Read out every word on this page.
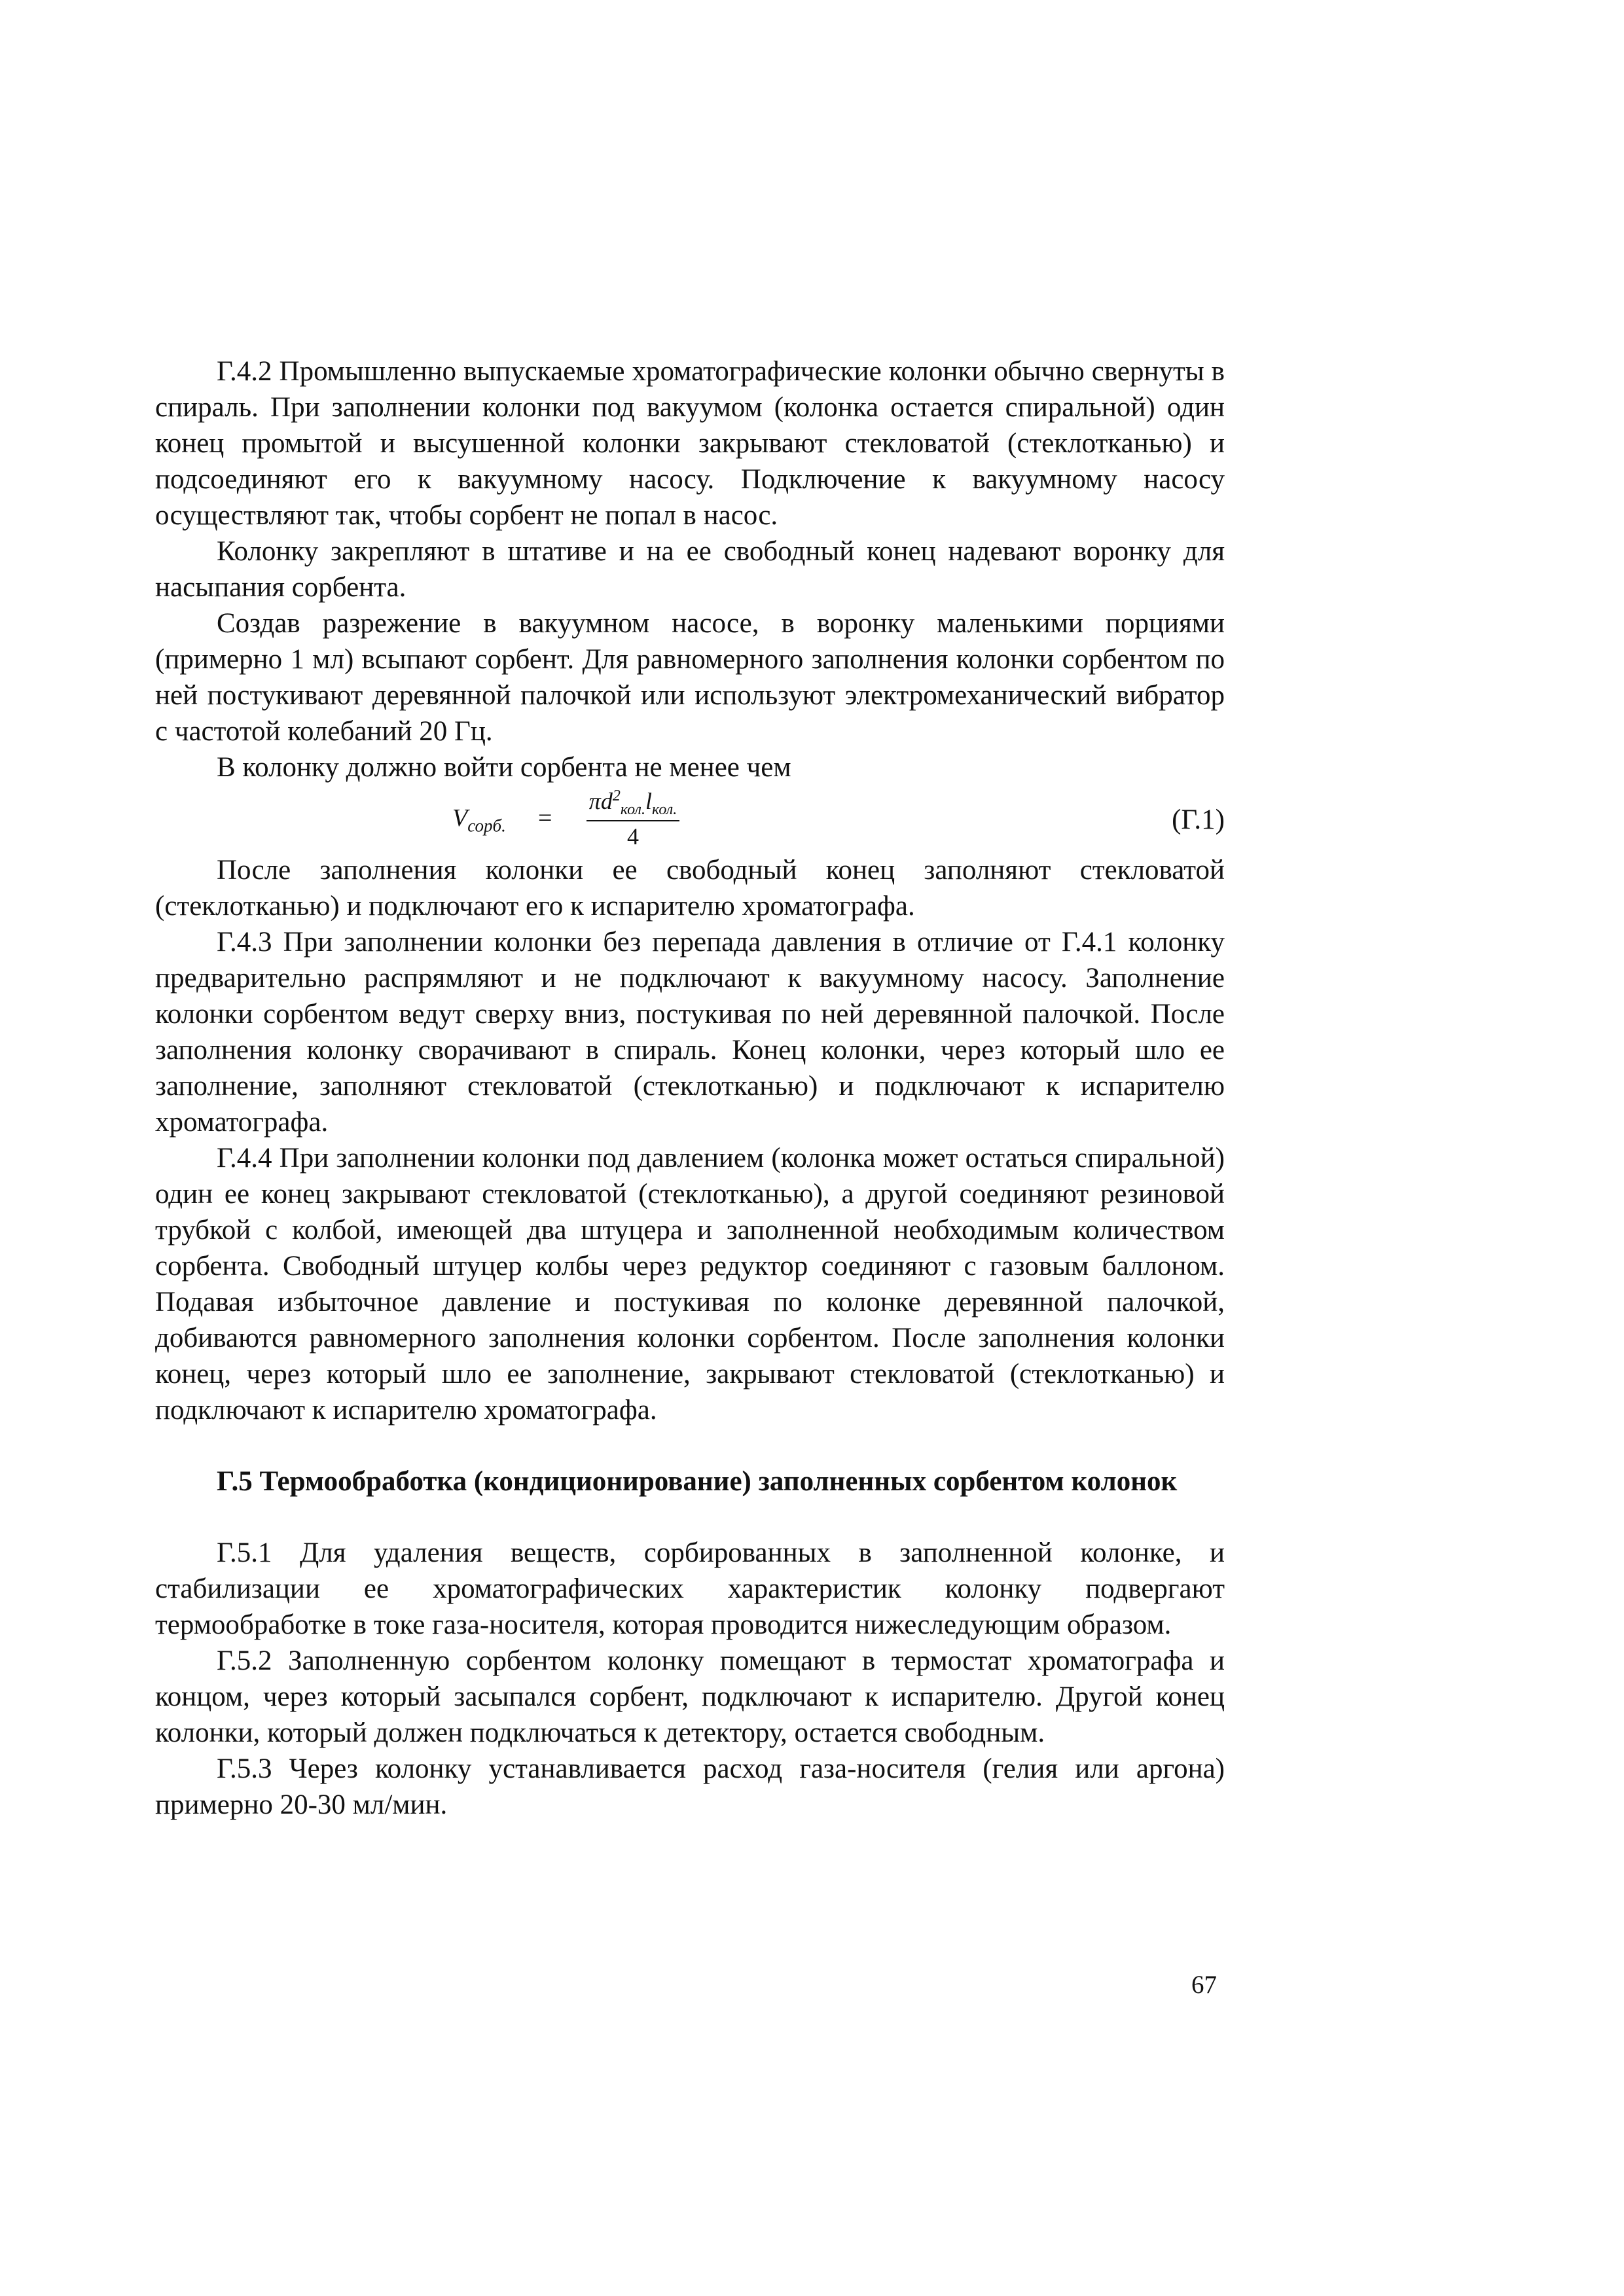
Г.4.2 Промышленно выпускаемые хроматографические колонки обычно свернуты в спираль. При заполнении колонки под вакуумом (колонка остается спиральной) один конец промытой и высушенной колонки закрывают стекловатой (стеклотканью) и подсоединяют его к вакуумному насосу. Подключение к вакуумному насосу осуществляют так, чтобы сорбент не попал в насос.

Колонку закрепляют в штативе и на ее свободный конец надевают воронку для насыпания сорбента.

Создав разрежение в вакуумном насосе, в воронку маленькими порциями (примерно 1 мл) всыпают сорбент. Для равномерного заполнения колонки сорбентом по ней постукивают деревянной палочкой или используют электромеханический вибратор с частотой колебаний 20 Гц.

В колонку должно войти сорбента не менее чем

$V_{сорб.}$ =
$\pi d^2_{кол.}l_{кол.}$
4
(Г.1)

После заполнения колонки ее свободный конец заполняют стекловатой (стеклотканью) и подключают его к испарителю хроматографа.

Г.4.3 При заполнении колонки без перепада давления в отличие от Г.4.1 колонку предварительно распрямляют и не подключают к вакуумному насосу. Заполнение колонки сорбентом ведут сверху вниз, постукивая по ней деревянной палочкой. После заполнения колонку сворачивают в спираль. Конец колонки, через который шло ее заполнение, заполняют стекловатой (стеклотканью) и подключают к испарителю хроматографа.

Г.4.4 При заполнении колонки под давлением (колонка может остаться спиральной) один ее конец закрывают стекловатой (стеклотканью), а другой соединяют резиновой трубкой с колбой, имеющей два штуцера и заполненной необходимым количеством сорбента. Свободный штуцер колбы через редуктор соединяют с газовым баллоном. Подавая избыточное давление и постукивая по колонке деревянной палочкой, добиваются равномерного заполнения колонки сорбентом. После заполнения колонки конец, через который шло ее заполнение, закрывают стекловатой (стеклотканью) и подключают к испарителю хроматографа.

Г.5 Термообработка (кондиционирование) заполненных сорбентом колонок

Г.5.1 Для удаления веществ, сорбированных в заполненной колонке, и стабилизации ее хроматографических характеристик колонку подвергают термообработке в токе газа-носителя, которая проводится нижеследующим образом.

Г.5.2 Заполненную сорбентом колонку помещают в термостат хроматографа и концом, через который засыпался сорбент, подключают к испарителю. Другой конец колонки, который должен подключаться к детектору, остается свободным.

Г.5.3 Через колонку устанавливается расход газа-носителя (гелия или аргона) примерно 20-30 мл/мин.

67
